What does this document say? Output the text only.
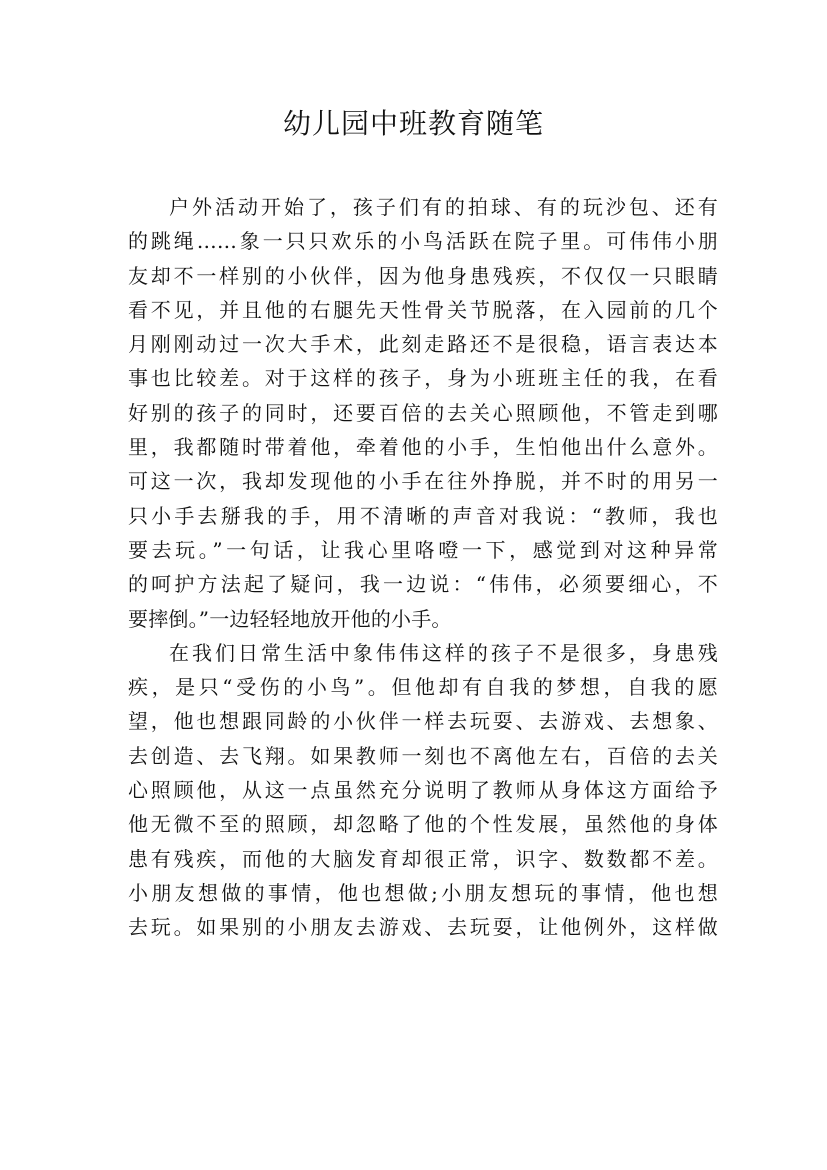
幼儿园中班教育随笔
户外活动开始了，孩子们有的拍球、有的玩沙包、还有
的跳绳……象一只只欢乐的小鸟活跃在院子里。可伟伟小朋
友却不一样别的小伙伴，因为他身患残疾，不仅仅一只眼睛
看不见，并且他的右腿先天性骨关节脱落，在入园前的几个
月刚刚动过一次大手术，此刻走路还不是很稳，语言表达本
事也比较差。对于这样的孩子，身为小班班主任的我，在看
好别的孩子的同时，还要百倍的去关心照顾他，不管走到哪
里，我都随时带着他，牵着他的小手，生怕他出什么意外。
可这一次，我却发现他的小手在往外挣脱，并不时的用另一
只小手去掰我的手，用不清晰的声音对我说：“教师，我也
要去玩。”一句话，让我心里咯噔一下，感觉到对这种异常
的呵护方法起了疑问，我一边说：“伟伟，必须要细心，不
要摔倒。”一边轻轻地放开他的小手。
在我们日常生活中象伟伟这样的孩子不是很多，身患残
疾，是只“受伤的小鸟”。但他却有自我的梦想，自我的愿
望，他也想跟同龄的小伙伴一样去玩耍、去游戏、去想象、
去创造、去飞翔。如果教师一刻也不离他左右，百倍的去关
心照顾他，从这一点虽然充分说明了教师从身体这方面给予
他无微不至的照顾，却忽略了他的个性发展，虽然他的身体
患有残疾，而他的大脑发育却很正常，识字、数数都不差。
小朋友想做的事情，他也想做;小朋友想玩的事情，他也想
去玩。如果别的小朋友去游戏、去玩耍，让他例外，这样做
